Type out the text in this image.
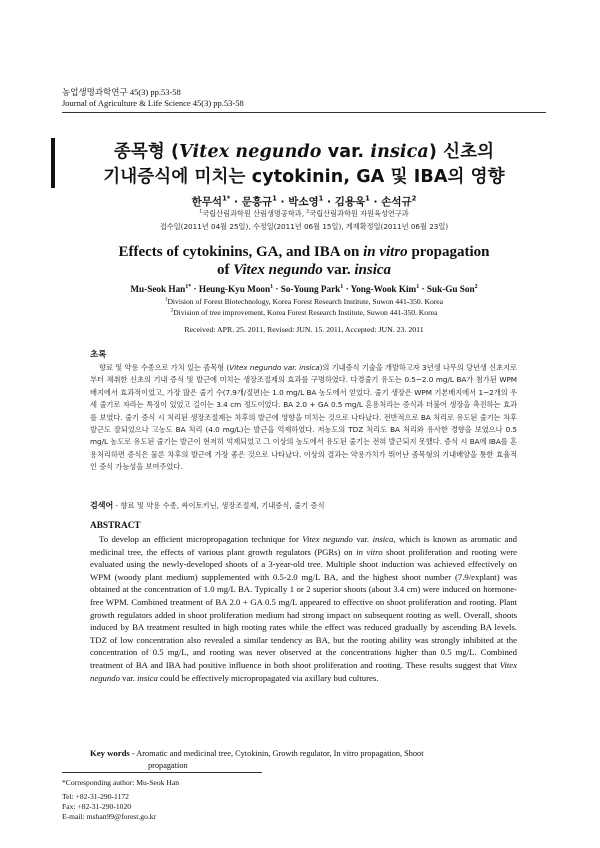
농업생명과학연구 45(3) pp.53-58
Journal of Agriculture & Life Science 45(3) pp.53-58
종목형 (Vitex negundo var. insica) 신초의
기내증식에 미치는 cytokinin, GA 및 IBA의 영향
한무석$^{1*}$ · 문흥규$^1$ · 박소영$^1$ · 김용욱$^1$ · 손석규$^2$
$^1$국립산림과학원 산림생명공학과, $^2$국립산림과학원 자원육성연구과
접수일(2011년 04월 25일), 수정일(2011년 06월 15일), 게재확정일(2011년 06월 23일)
Effects of cytokinins, GA, and IBA on in vitro propagation
of Vitex negundo var. insica
Mu-Seok Han$^{1*}$ · Heung-Kyu Moon$^1$ · So-Young Park$^1$ · Yong-Wook Kim$^1$ · Suk-Gu Son$^2$
$^1$Division of Forest Biotechnology, Korea Forest Research Institute, Suwon 441-350. Korea
$^2$Division of tree improvement, Korea Forest Research Institute, Suwon 441-350. Korea
Received: APR. 25. 2011, Revised: JUN. 15. 2011, Accepted: JUN. 23. 2011
초록
향료 및 약용 수종으로 가치 있는 좀목형 (Vitex negundo var. insica)의 기내증식 기술을 개발하고자 3년생 나무의 당년생 신초지로부터 채취한 신초의 기내 증식 및 발근에 미치는 생장조절제의 효과를 구명하였다. 다경줄기 유도는 0.5~2.0 mg/L BA가 첨가된 WPM 배지에서 효과적이었고, 가장 많은 줄기 수(7.9개/절편)는 1.0 mg/L BA 농도에서 얻었다. 줄기 생장은 WPM 기본배지에서 1~2개의 우세 줄기로 자라는 특징이 있었고 길이는 3.4 cm 정도이었다. BA 2.0 + GA 0.5 mg/L 혼용처리는 증식과 더불어 생장을 촉진하는 효과를 보였다. 줄기 증식 시 처리된 생장조절제는 차후의 발근에 영향을 미치는 것으로 나타났다. 전반적으로 BA 처리로 유도된 줄기는 차후 발근도 잘되었으나 고농도 BA 처리 (4.0 mg/L)는 발근을 억제하였다. 저농도의 TDZ 처리도 BA 처리와 유사한 경향을 보였으나 0.5 mg/L 농도로 유도된 줄기는 발근이 현저히 억제되었고 그 이상의 농도에서 유도된 줄기는 전혀 발근되지 못했다. 증식 시 BA에 IBA를 혼용처리하면 증식은 물론 차후의 발근에 가장 좋은 것으로 나타났다. 이상의 결과는 약용가치가 뛰어난 좀목형의 기내배양을 통한 효율적인 증식 가능성을 보여주었다.
검색어 - 향료 및 약용 수종, 싸이토키닌, 생장조절제, 기내증식, 줄기 증식
ABSTRACT
To develop an efficient micropropagation technique for Vitex negundo var. insica, which is known as aromatic and medicinal tree, the effects of various plant growth regulators (PGRs) on in vitro shoot proliferation and rooting were evaluated using the newly-developed shoots of a 3-year-old tree. Multiple shoot induction was achieved effectively on WPM (woody plant medium) supplemented with 0.5-2.0 mg/L BA, and the highest shoot number (7.9/explant) was obtained at the concentration of 1.0 mg/L BA. Typically 1 or 2 superior shoots (about 3.4 cm) were induced on hormone-free WPM. Combined treatment of BA 2.0 + GA 0.5 mg/L appeared to effective on shoot proliferation and rooting. Plant growth regulators added in shoot proliferation medium had strong impact on subsequent rooting as well. Overall, shoots induced by BA treatment resulted in high rooting rates while the effect was reduced gradually by ascending BA levels. TDZ of low concentration also revealed a similar tendency as BA, but the rooting ability was strongly inhibited at the concentration of 0.5 mg/L, and rooting was never observed at the concentrations higher than 0.5 mg/L. Combined treatment of BA and IBA had positive influence in both shoot proliferation and rooting. These results suggest that Vitex negundo var. insica could be effectively micropropagated via axillary bud cultures.
Key words - Aromatic and medicinal tree, Cytokinin, Growth regulator, In vitro propagation, Shoot
propagation
*Corresponding author: Mu-Seok Han
Tel: +82-31-290-1172
Fax: +82-31-290-1020
E-mail: mshan99@forest.go.kr
